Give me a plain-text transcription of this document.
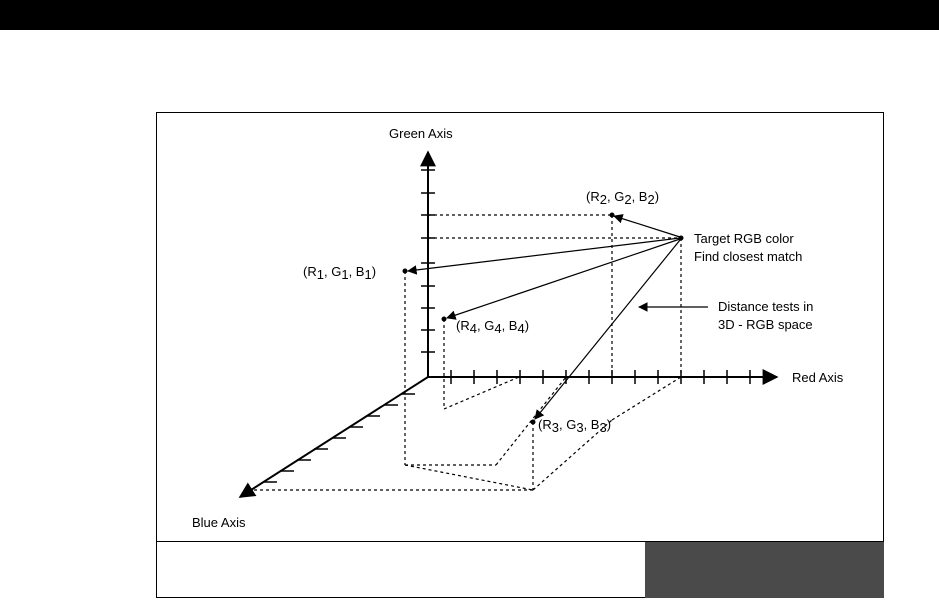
Green Axis
Red Axis
Blue Axis
Target RGB color
Find closest match
Distance tests in
3D - RGB space
(R2, G2, B2)
(R1, G1, B1)
(R4, G4, B4)
(R3, G3, B3)
